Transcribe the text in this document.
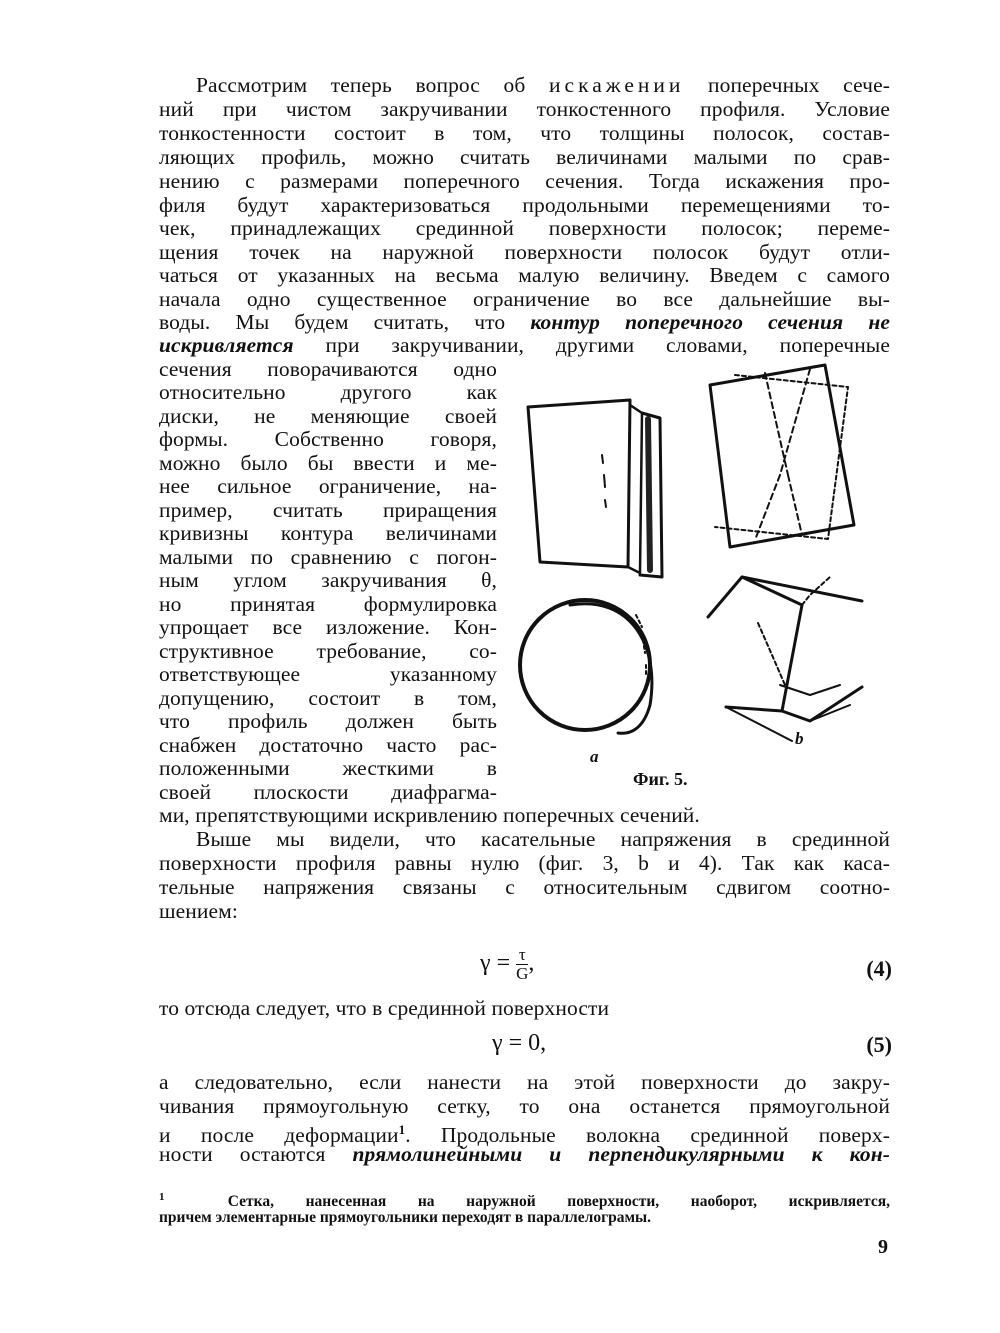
Рассмотрим теперь вопрос об искажении поперечных сече-

ний при чистом закручивании тонкостенного профиля. Условие

тонкостенности состоит в том, что толщины полосок, состав-

ляющих профиль, можно считать величинами малыми по срав-

нению с размерами поперечного сечения. Тогда искажения про-

филя будут характеризоваться продольными перемещениями то-

чек, принадлежащих срединной поверхности полосок; переме-

щения точек на наружной поверхности полосок будут отли-

чаться от указанных на весьма малую величину. Введем с самого

начала одно существенное ограничение во все дальнейшие вы-

воды. Мы будем считать, что контур поперечного сечения не

искривляется при закручивании, другими словами, поперечные

сечения поворачиваются одно

относительно другого как

диски, не меняющие своей

формы. Собственно говоря,

можно было бы ввести и ме-

нее сильное ограничение, на-

пример, считать приращения

кривизны контура величинами

малыми по сравнению с погон-

ным углом закручивания θ,

но принятая формулировка

упрощает все изложение. Кон-

структивное требование, со-

ответствующее указанному

допущению, состоит в том,

что профиль должен быть

снабжен достаточно часто рас-

положенными жесткими в

своей плоскости диафрагма-

ми, препятствующими искривлению поперечных сечений.

a
b
Фиг. 5.

Выше мы видели, что касательные напряжения в срединной

поверхности профиля равны нулю (фиг. 3, b и 4). Так как каса-

тельные напряжения связаны с относительным сдвигом соотно-

шением:

$\gamma = \frac{\tau}{G}$ ,	(4)

то отсюда следует, что в срединной поверхности

γ = 0,	(5)

а следовательно, если нанести на этой поверхности до закру-

чивания прямоугольную сетку, то она останется прямоугольной

и после деформации$^1$. Продольные волокна срединной поверх-

ности остаются прямолинейными и перпендикулярными к кон-

$^1$	Сетка, нанесенная на наружной поверхности, наоборот, искривляется,
причем элементарные прямоугольники переходят в параллелограмы.
9
